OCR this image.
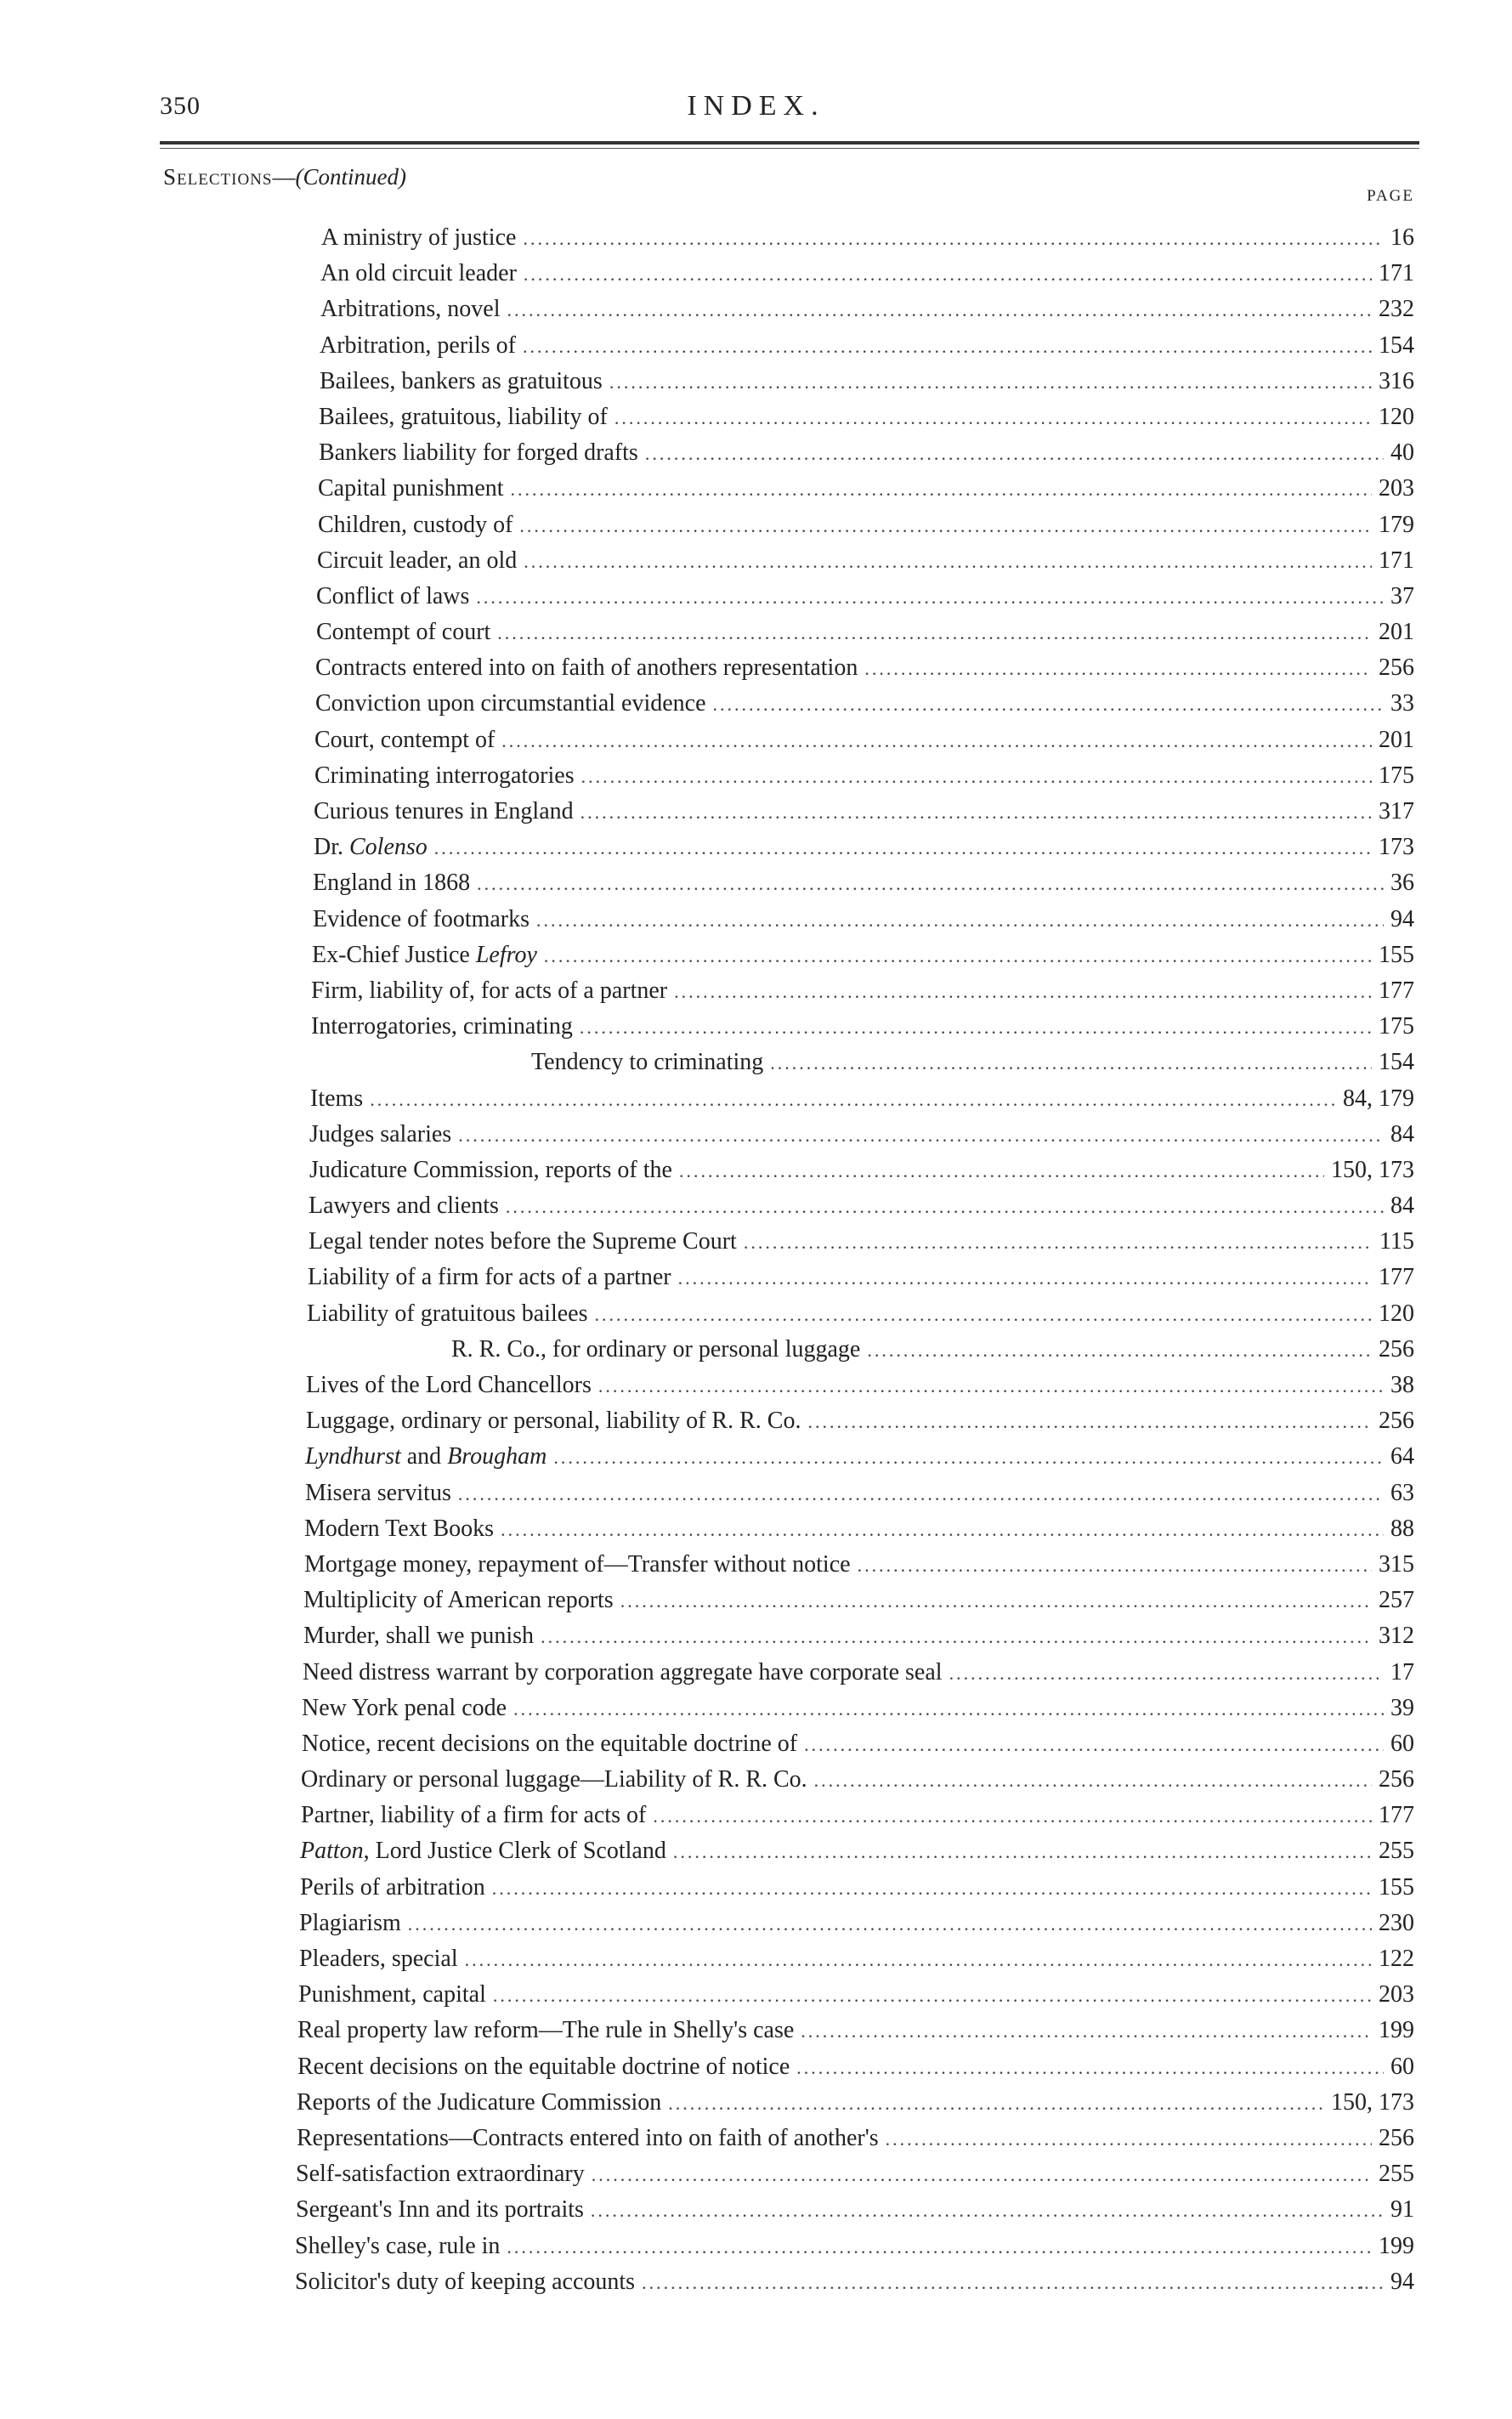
350	INDEX.
Selections—(Continued)
PAGE
A ministry of justice .....	16
An old circuit leader .....	171
Arbitrations, novel .....	232
Arbitration, perils of .....	154
Bailees, bankers as gratuitous .....	316
Bailees, gratuitous, liability of .....	120
Bankers liability for forged drafts .....	40
Capital punishment .....	203
Children, custody of .....	179
Circuit leader, an old .....	171
Conflict of laws .....	37
Contempt of court .....	201
Contracts entered into on faith of anothers representation .....	256
Conviction upon circumstantial evidence .....	33
Court, contempt of .....	201
Criminating interrogatories .....	175
Curious tenures in England .....	317
Dr. Colenso .....	173
England in 1868 .....	36
Evidence of footmarks .....	94
Ex-Chief Justice Lefroy .....	155
Firm, liability of, for acts of a partner .....	177
Interrogatories, criminating .....	175
Tendency to criminating .....	154
Items .....	84, 179
Judges salaries .....	84
Judicature Commission, reports of the .....	150, 173
Lawyers and clients .....	84
Legal tender notes before the Supreme Court .....	115
Liability of a firm for acts of a partner .....	177
Liability of gratuitous bailees .....	120
R. R. Co., for ordinary or personal luggage .....	256
Lives of the Lord Chancellors .....	38
Luggage, ordinary or personal, liability of R. R. Co. .....	256
Lyndhurst and Brougham .....	64
Misera servitus .....	63
Modern Text Books .....	88
Mortgage money, repayment of—Transfer without notice .....	315
Multiplicity of American reports .....	257
Murder, shall we punish .....	312
Need distress warrant by corporation aggregate have corporate seal .....	17
New York penal code .....	39
Notice, recent decisions on the equitable doctrine of .....	60
Ordinary or personal luggage—Liability of R. R. Co. .....	256
Partner, liability of a firm for acts of .....	177
Patton, Lord Justice Clerk of Scotland .....	255
Perils of arbitration .....	155
Plagiarism .....	230
Pleaders, special .....	122
Punishment, capital .....	203
Real property law reform—The rule in Shelly's case .....	199
Recent decisions on the equitable doctrine of notice .....	60
Reports of the Judicature Commission .....	150, 173
Representations—Contracts entered into on faith of another's .....	256
Self-satisfaction extraordinary .....	255
Sergeant's Inn and its portraits .....	91
Shelley's case, rule in .....	199
Solicitor's duty of keeping accounts .....	94
